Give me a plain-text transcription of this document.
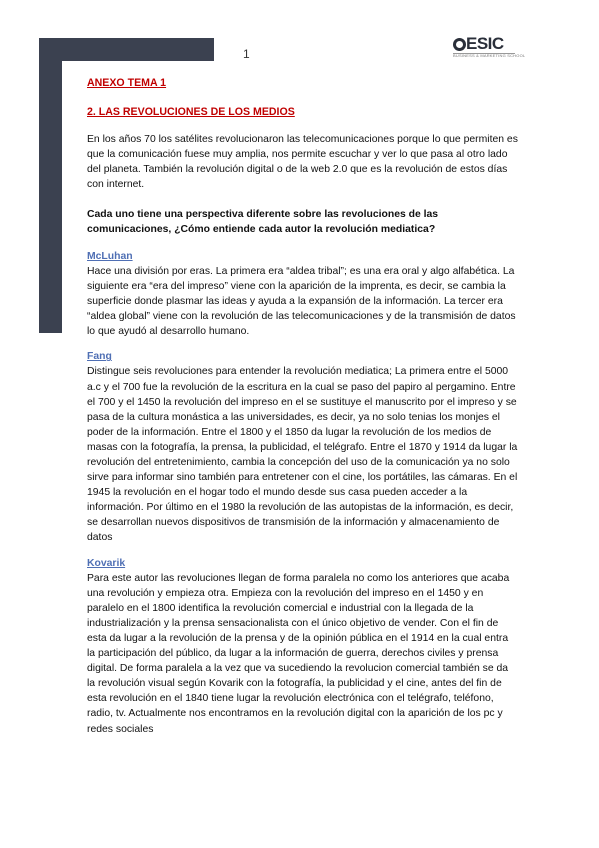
1
ESIC
BUSINESS & MARKETING SCHOOL

ANEXO TEMA 1

2. LAS REVOLUCIONES DE LOS MEDIOS

En los años 70 los satélites revolucionaron las telecomunicaciones porque lo que permiten es que la comunicación fuese muy amplia, nos permite escuchar y ver lo que pasa al otro lado del planeta. También la revolución digital o de la web 2.0 que es la revolución de estos días con internet.

Cada uno tiene una perspectiva diferente sobre las revoluciones de las comunicaciones, ¿Cómo entiende cada autor la revolución mediatica?

McLuhan

Hace una división por eras. La primera era “aldea tribal”; es una era oral y algo alfabética. La siguiente era “era del impreso” viene con la aparición de la imprenta, es decir, se cambia la superficie donde plasmar las ideas y ayuda a la expansión de la información. La tercer era “aldea global” viene con la revolución de las telecomunicaciones y de la transmisión de datos lo que ayudó al desarrollo humano.

Fang

Distingue seis revoluciones para entender la revolución mediatica; La primera entre el 5000 a.c y el 700 fue la revolución de la escritura en la cual se paso del papiro al pergamino. Entre el 700 y el 1450 la revolución del impreso en el se sustituye el manuscrito por el impreso y se pasa de la cultura monástica a las universidades, es decir, ya no solo tenias los monjes el poder de la información. Entre el 1800 y el 1850 da lugar la revolución de los medios de masas con la fotografía, la prensa, la publicidad, el telégrafo. Entre el 1870 y 1914 da lugar la revolución del entretenimiento, cambia la concepción del uso de la comunicación ya no solo sirve para informar sino también para entretener con el cine, los portátiles, las cámaras. En el 1945 la revolución en el hogar todo el mundo desde sus casa pueden acceder a la información. Por último en el 1980 la revolución de las autopistas de la información, es decir, se desarrollan nuevos dispositivos de transmisión de la información y almacenamiento de datos

Kovarik

Para este autor las revoluciones llegan de forma paralela no como los anteriores que acaba una revolución y empieza otra. Empieza con la revolución del impreso en el 1450 y en paralelo en el 1800 identifica la revolución comercial e industrial con la llegada de la industrialización y la prensa sensacionalista con el único objetivo de vender. Con el fin de esta da lugar a la revolución de la prensa y de la opinión pública en el 1914 en la cual entra la participación del público, da lugar a la información de guerra, derechos civiles y prensa digital. De forma paralela a la vez que va sucediendo la revolucion comercial también se da la revolución visual según Kovarik con la fotografía, la publicidad y el cine, antes del fin de esta revolución en el 1840 tiene lugar la revolución electrónica con el telégrafo, teléfono, radio, tv. Actualmente nos encontramos en la revolución digital con la aparición de los pc y redes sociales
